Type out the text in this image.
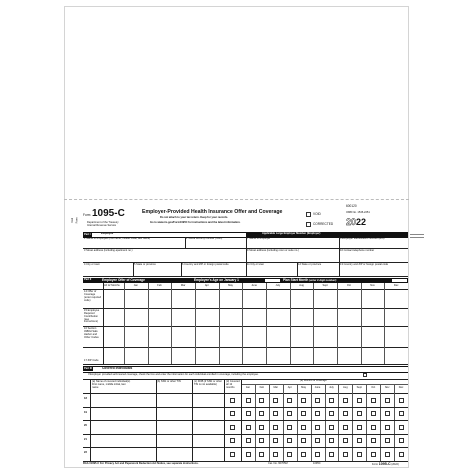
Void Form
Form 1095-C
Department of the Treasury
Internal Revenue Service
Employer-Provided Health Insurance Offer and Coverage
Do not attach to your tax return. Keep for your records.
Go to www.irs.gov/Form1095C for instructions and the latest information.
VOID
CORRECTED
600120
OMB No. 1545-2251
2022
Part I	Employee	Applicable Large Employer Member (Employer)
1 Name of employee (first name, middle initial, last name)	2 Social security number (SSN)	7 Name of employer	8 Employer identification number (EIN)
3 Street address (including apartment no.)	9 Street address (including room or suite no.)	10 Contact telephone number
4 City or town	5 State or province	6 Country and ZIP or foreign postal code	11 City or town	12 State or province	13 Country and ZIP or foreign postal code
Part II	Employee Offer of Coverage	Employee's Age on January 1	Plan Start Month (enter 2-digit number):
All 12 Months	Jan	Feb	Mar	Apr	May	June	July	Aug	Sept	Oct	Nov	Dec
14 Offer of Coverage (enter required code)
15 Employee Required Contribution (see instructions)
16 Section 4980H Safe Harbor and Other Codes
17 ZIP Code
Part III	Covered Individuals
If Employer provided self-insured coverage, check the box and enter the information for each individual enrolled in coverage, including the employee.
(a) Name of covered individual(s) First name, middle initial, last name
(b) SSN or other TIN	(c) DOB (if SSN or other TIN is not available)
(d) Covered all 12 months
(e) Months of coverage
Jan	Feb	Mar	Apr	May	June	July	Aug	Sept	Oct	Nov	Dec
18
19
20
21
22
RAA #1095-C For Privacy Act and Paperwork Reduction Act Notice, see separate instructions.	Cat. No. 60705M	1095C	Form 1095-C (2022)
